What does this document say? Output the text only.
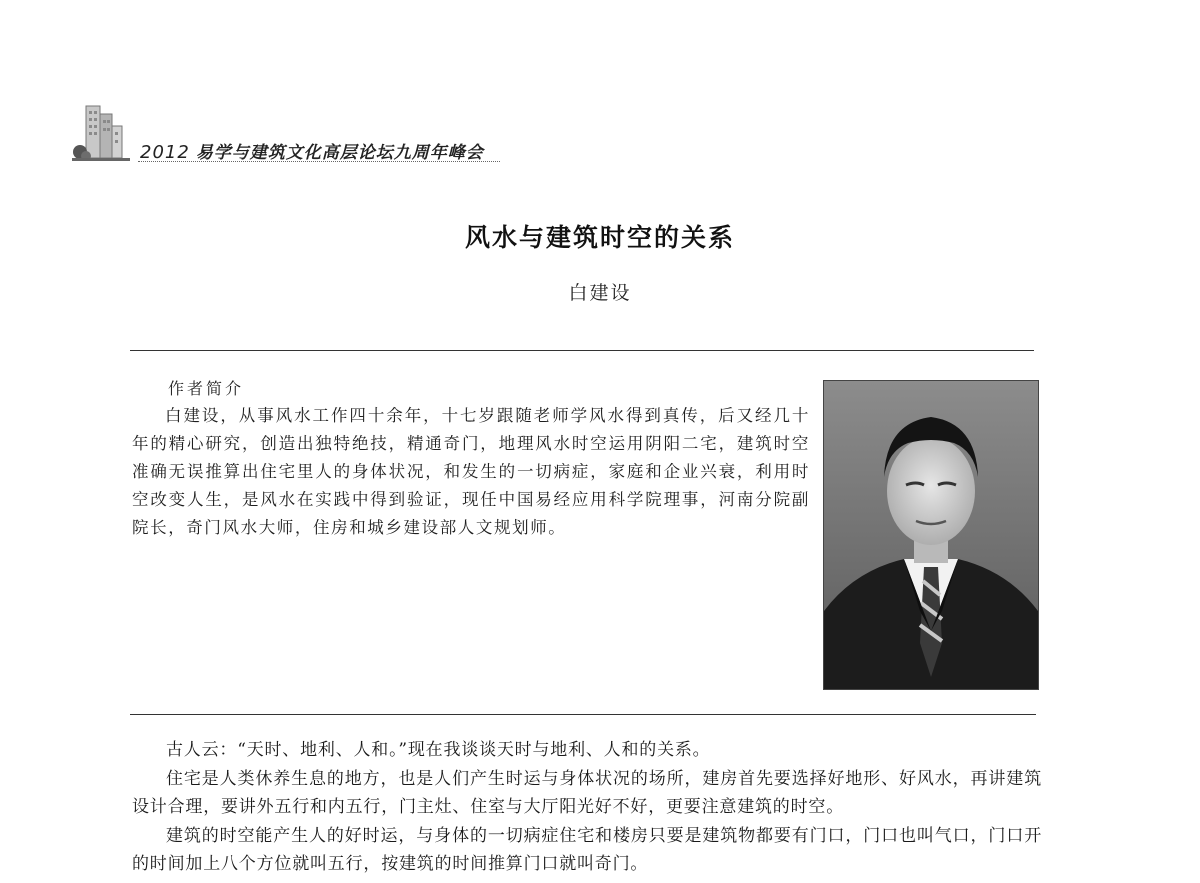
2012 易学与建筑文化高层论坛九周年峰会
风水与建筑时空的关系
白建设
作者简介

白建设，从事风水工作四十余年，十七岁跟随老师学风水得到真传，后又经几十年的精心研究，创造出独特绝技，精通奇门，地理风水时空运用阴阳二宅，建筑时空准确无误推算出住宅里人的身体状况，和发生的一切病症，家庭和企业兴衰，利用时空改变人生，是风水在实践中得到验证，现任中国易经应用科学院理事，河南分院副院长，奇门风水大师，住房和城乡建设部人文规划师。

古人云：“天时、地利、人和。”现在我谈谈天时与地利、人和的关系。

住宅是人类休养生息的地方，也是人们产生时运与身体状况的场所，建房首先要选择好地形、好风水，再讲建筑设计合理，要讲外五行和内五行，门主灶、住室与大厅阳光好不好，更要注意建筑的时空。

建筑的时空能产生人的好时运，与身体的一切病症住宅和楼房只要是建筑物都要有门口，门口也叫气口，门口开的时间加上八个方位就叫五行，按建筑的时间推算门口就叫奇门。
